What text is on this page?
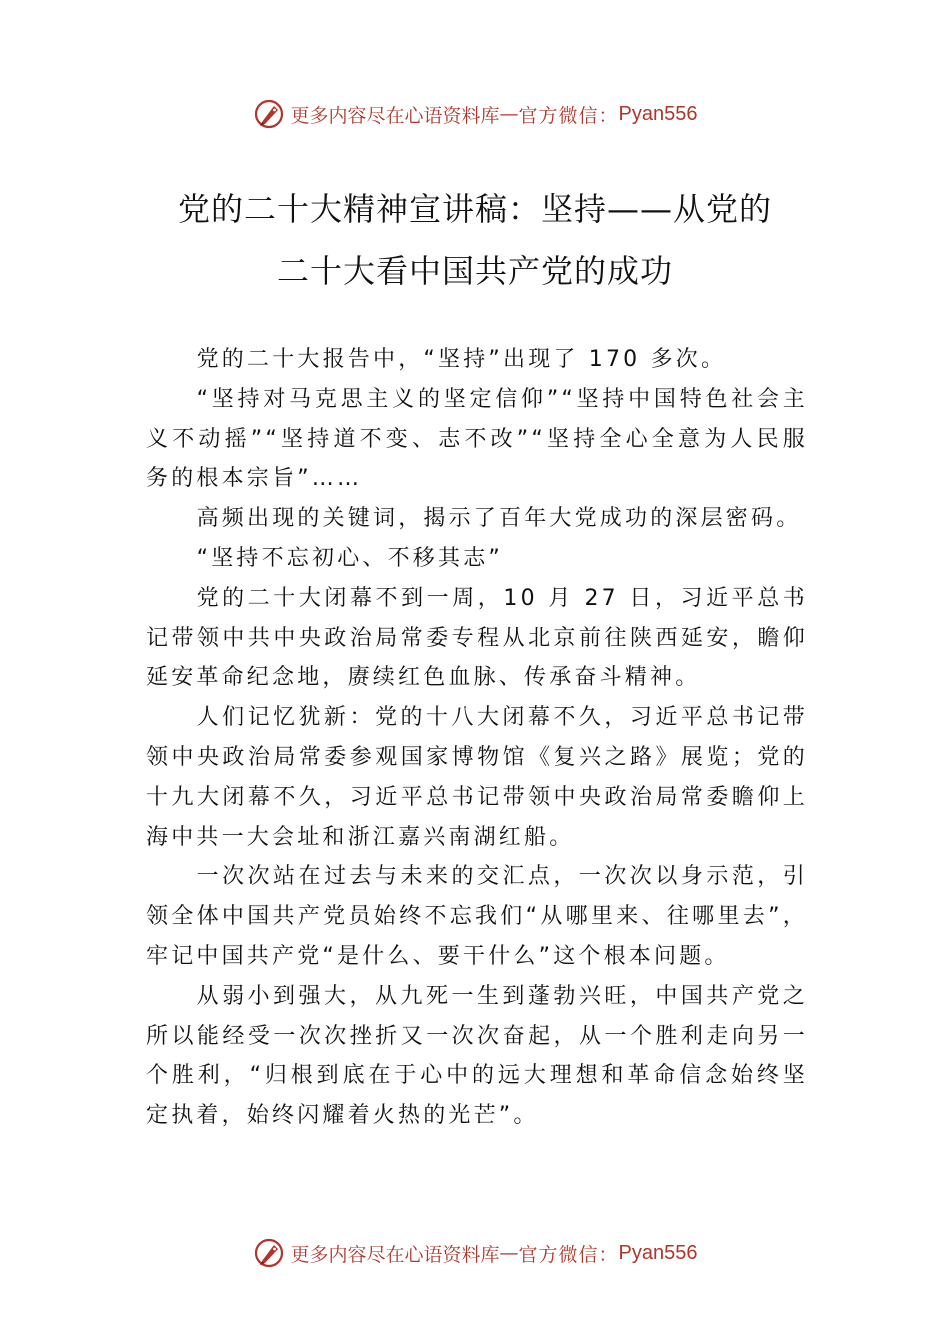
更多内容尽在心语资料库 — 官方微信： Pyan556
党的二十大精神宣讲稿：坚持——从党的
二十大看中国共产党的成功

党的二十大报告中，“坚持”出现了 170 多次。

“坚持对马克思主义的坚定信仰”“坚持中国特色社会主义不动摇”“坚持道不变、志不改”“坚持全心全意为人民服务的根本宗旨”……

高频出现的关键词，揭示了百年大党成功的深层密码。

“坚持不忘初心、不移其志”

党的二十大闭幕不到一周，10 月 27 日，习近平总书记带领中共中央政治局常委专程从北京前往陕西延安，瞻仰延安革命纪念地，赓续红色血脉、传承奋斗精神。

人们记忆犹新：党的十八大闭幕不久，习近平总书记带领中央政治局常委参观国家博物馆《复兴之路》展览；党的十九大闭幕不久，习近平总书记带领中央政治局常委瞻仰上海中共一大会址和浙江嘉兴南湖红船。

一次次站在过去与未来的交汇点，一次次以身示范，引领全体中国共产党员始终不忘我们“从哪里来、往哪里去”，牢记中国共产党“是什么、要干什么”这个根本问题。

从弱小到强大，从九死一生到蓬勃兴旺，中国共产党之所以能经受一次次挫折又一次次奋起，从一个胜利走向另一个胜利，“归根到底在于心中的远大理想和革命信念始终坚定执着，始终闪耀着火热的光芒”。

更多内容尽在心语资料库 — 官方微信： Pyan556
